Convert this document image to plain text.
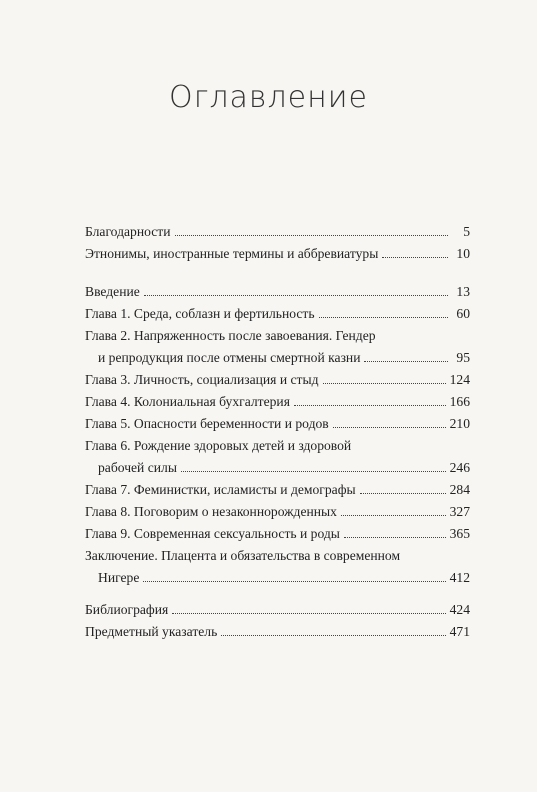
Оглавление
Благодарности	5
Этнонимы, иностранные термины и аббревиатуры	10
Введение	13
Глава 1. Среда, соблазн и фертильность	60
Глава 2. Напряженность после завоевания. Гендер
и репродукция после отмены смертной казни	95
Глава 3. Личность, социализация и стыд	124
Глава 4. Колониальная бухгалтерия	166
Глава 5. Опасности беременности и родов	210
Глава 6. Рождение здоровых детей и здоровой
рабочей силы	246
Глава 7. Феминистки, исламисты и демографы	284
Глава 8. Поговорим о незаконнорожденных	327
Глава 9. Современная сексуальность и роды	365
Заключение. Плацента и обязательства в современном
Нигере	412
Библиография	424
Предметный указатель	471
